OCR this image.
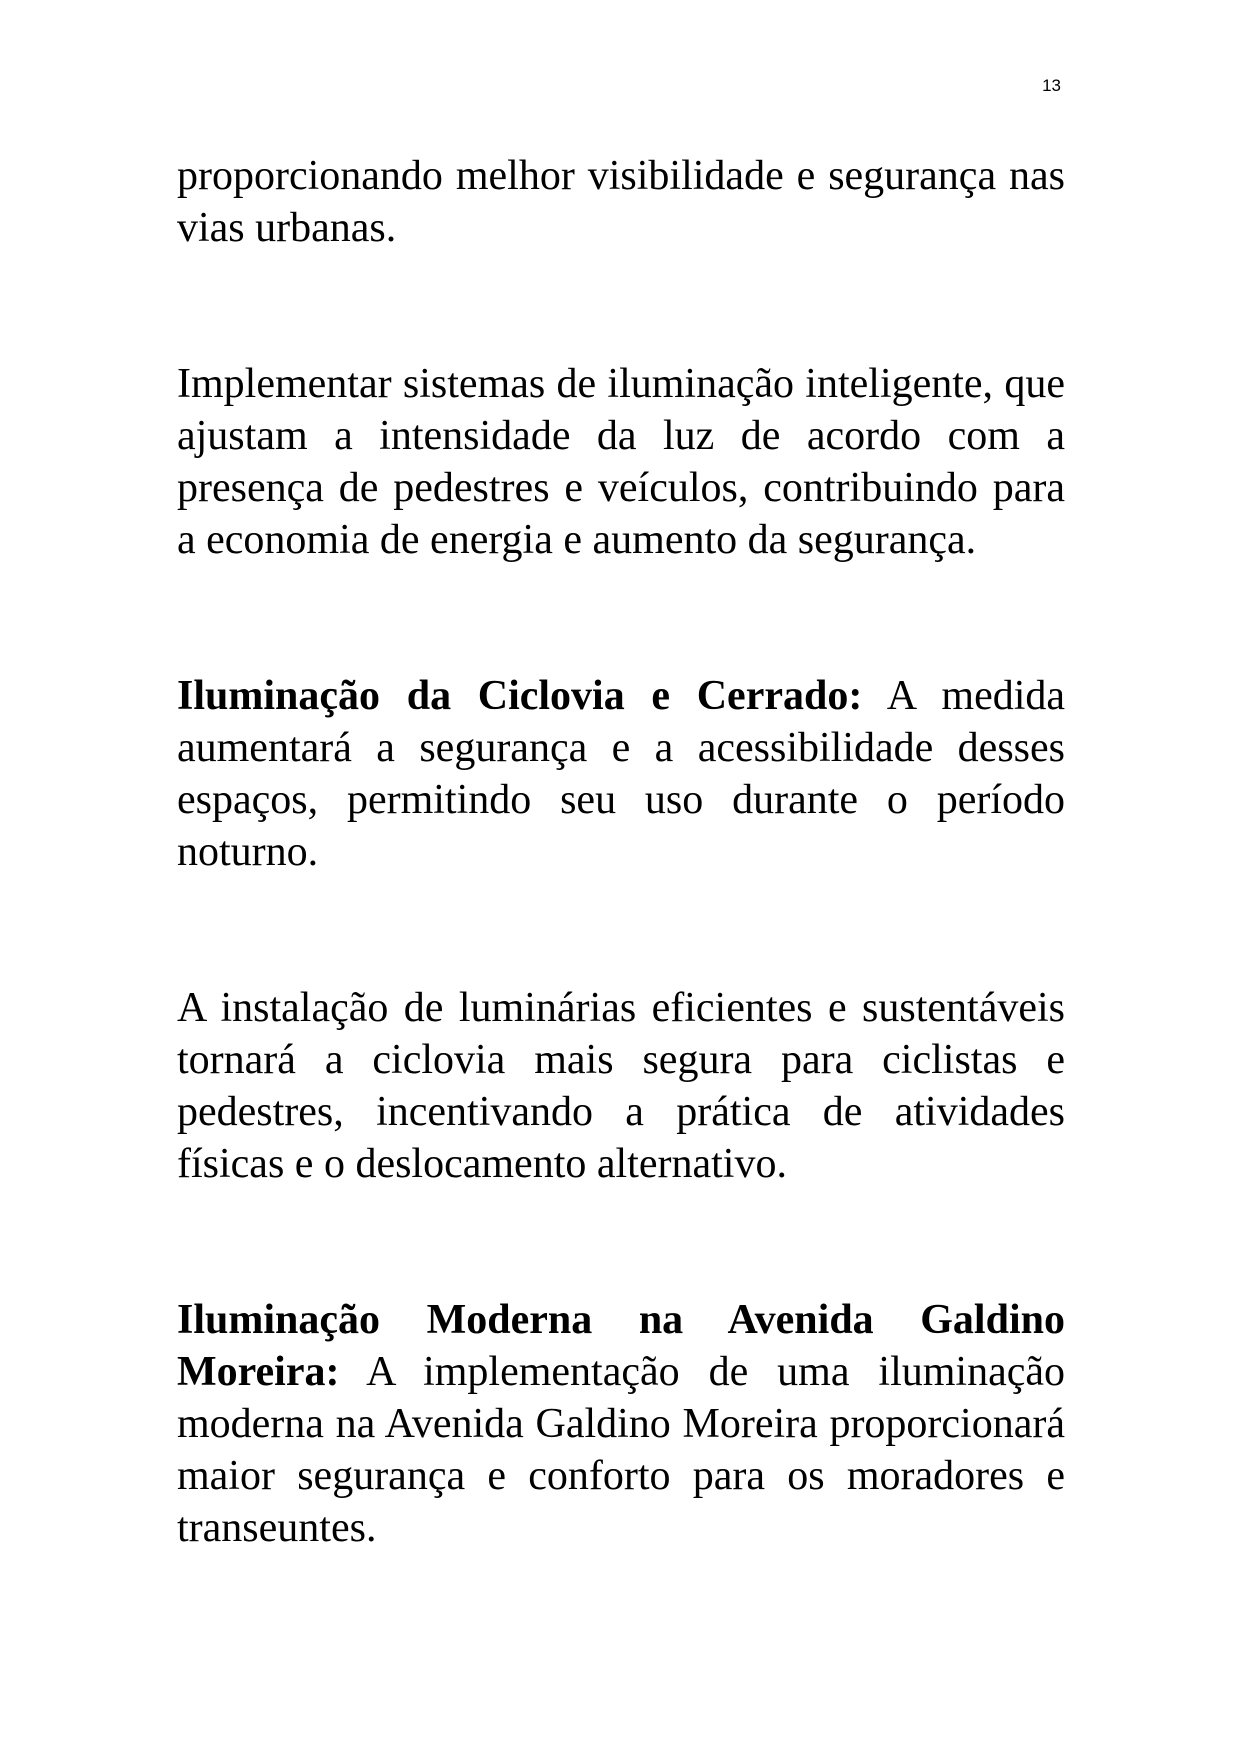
13

proporcionando melhor visibilidade e segurança nas vias urbanas.

Implementar sistemas de iluminação inteligente, que ajustam a intensidade da luz de acordo com a presença de pedestres e veículos, contribuindo para a economia de energia e aumento da segurança.

Iluminação da Ciclovia e Cerrado: A medida aumentará a segurança e a acessibilidade desses espaços, permitindo seu uso durante o período noturno.

A instalação de luminárias eficientes e sustentáveis tornará a ciclovia mais segura para ciclistas e pedestres, incentivando a prática de atividades físicas e o deslocamento alternativo.

Iluminação Moderna na Avenida Galdino Moreira: A implementação de uma iluminação moderna na Avenida Galdino Moreira proporcionará maior segurança e conforto para os moradores e transeuntes.
